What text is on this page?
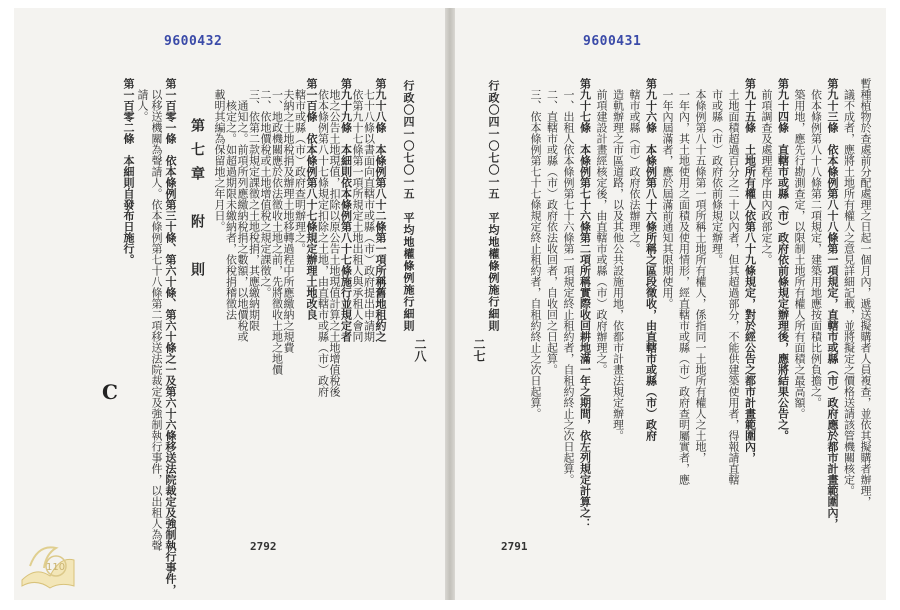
9600432
行政〇四一〇七〇一五　平均地權條例施行細則
二八
第九十八條　本條例第八十二條第一項所稱舊地租約之
　七十八條以書面向直轄市或縣（市）政府提出申請期
　依第九十七條第一項所規定土地出租人與承租人會同
第九十九條　本細則依本條例第八十七條施行並規定者
　地之公告土地現值，扣除以原公告土地現值計算之土地增值稅後
　依本條例第八十七條規定扣除之土地，由直轄市或縣（市）政府
第一百條　依本條例第八十七條規定辦理土地改良
　轄市或縣（市）政府查明辦理之。
　夫納之土地稅捐及辦理土地移轉過程中所應繳納之規費
　一、地政機關應於依法徵收土地之前，先將徵收土地之地價
　二、依地價稅或土地增值稅之規定課徵之。
　三、依第二款規定課徵之土地稅捐，其應繳納期限
　　通知之。前項所列應繳納稅捐之數額，以地價稅或
　　核定之。如超過期限未繳納者，依稅捐稽徵法
　載明其編為保留地之年月日。
第一百零一條　依本條例第三十條、第六十條、第六十條之一及第六十六條移送法院裁定及強制執行事件，
　以移送機關為聲請人。依本條例第七十八條第二項移送法院裁定及強制執行事件，以出租人為聲
　請人。
第一百零二條　本細則自發布日施行。	第七章　附　則
C
2792
110
9600431
行政〇四一〇七〇一五　平均地權條例施行細則
二七	暫種植物於查處前分配處理之日起一個月內，遞送擬購者人員複查，並依其擬購者辦理，
　議不成者，應將土地所有權人之意見詳細記載，並將擬定之價格送請該管機關核定。
第九十三條　依本條例第八十八條第一項規定，直轄市或縣（市）政府應於都市計畫範圍內，
　依本條例第八十八條第二項規定，建築用地應按面積比例負擔之。
　築用地，應先行勘測查定，以限制土地所有權人所有面積之最高額。
第九十四條　直轄市或縣（市）政府依前條規定辦理後，應將結果公告之。
　前項調查及處理程序由內政部定之。
第九十五條　土地所有權人依第八十九條規定，對於經公告之都市計畫範圍內，
　土地面積超過百分之二十以內者，但其超過部分，不能供建築使用者，得報請直轄
　市或縣（市）政府依前條規定辦理。
　本條例第八十五條第一項所稱土地所有權人，係指同一土地所有權人之土地，
　一年內，其土地使用之面積及使用情形，經直轄市或縣（市）政府查明屬實者，應
　一年內屆滿者，應於屆滿前通知其限期使用。
第九十六條　本條例第八十六條所稱之區段徵收，由直轄市或縣（市）政府
　轄市或縣（市）政府依法辦理之。
　造軌辦理之市區道路，以及其他公共設施用地，依都市計畫法規定辦理。
　前項建設計畫經核定後，由直轄市或縣（市）政府辦理之。
第九十七條　本條例第七十六條第二項所稱實際收回耕地滿一年之期間，依左列規定計算之：
　一、出租人依本條例第七十六條第一項規定終止租約者，自租約終止之次日起算。
　二、直轄市或縣（市）政府依法收回者，自收回之日起算。
　三、依本條例第七十七條規定終止租約者，自租約終止之次日起算。
2791
